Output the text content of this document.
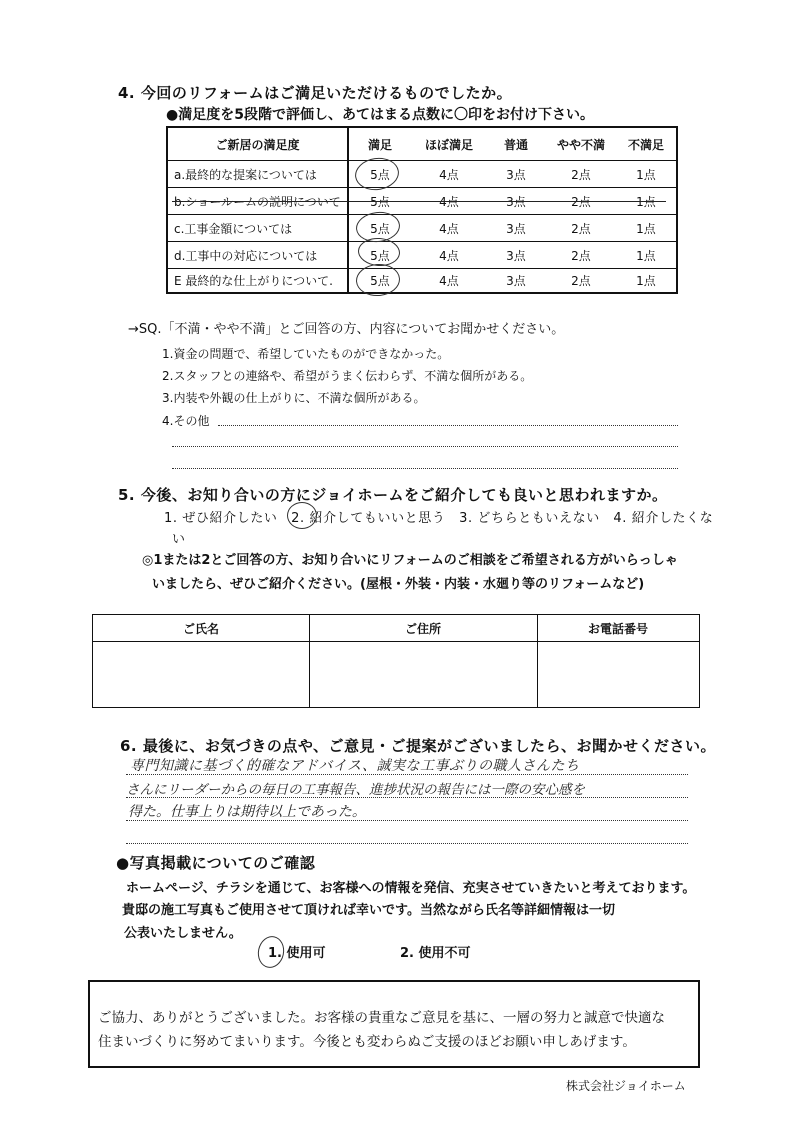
4. 今回のリフォームはご満足いただけるものでしたか。
●満足度を5段階で評価し、あてはまる点数に〇印をお付け下さい。
ご新居の満足度	満足	ほぼ満足	普通	やや不満	不満足
a.最終的な提案については	5点	4点	3点	2点	1点
b.ショールームの説明について	5点	4点	3点	2点	1点
c.工事金額については	5点	4点	3点	2点	1点
d.工事中の対応については	5点	4点	3点	2点	1点
E 最終的な仕上がりについて.	5点	4点	3点	2点	1点
→SQ.「不満・やや不満」とご回答の方、内容についてお聞かせください。
1.資金の問題で、希望していたものができなかった。
2.スタッフとの連絡や、希望がうまく伝わらず、不満な個所がある。
3.内装や外観の仕上がりに、不満な個所がある。
4.その他
5. 今後、お知り合いの方にジョイホームをご紹介しても良いと思われますか。
1. ぜひ紹介したい　2. 紹介してもいいと思う　3. どちらともいえない　4. 紹介したくな
い
◎1または2とご回答の方、お知り合いにリフォームのご相談をご希望される方がいらっしゃ
いましたら、ぜひご紹介ください。(屋根・外装・内装・水廻り等のリフォームなど)
ご氏名	ご住所	お電話番号
6. 最後に、お気づきの点や、ご意見・ご提案がございましたら、お聞かせください。
専門知識に基づく的確なアドバイス、誠実な工事ぶりの職人さんたち
さんにリーダーからの毎日の工事報告、進捗状況の報告には一際の安心感を
得た。仕事上りは期待以上であった。
●写真掲載についてのご確認
ホームページ、チラシを通じて、お客様への情報を発信、充実させていきたいと考えております。
貴邸の施工写真もご使用させて頂ければ幸いです。当然ながら氏名等詳細情報は一切
公表いたしません。
1. 使用可	2. 使用不可
ご協力、ありがとうございました。お客様の貴重なご意見を基に、一層の努力と誠意で快適な
住まいづくりに努めてまいります。今後とも変わらぬご支援のほどお願い申しあげます。
株式会社ジョイホーム
